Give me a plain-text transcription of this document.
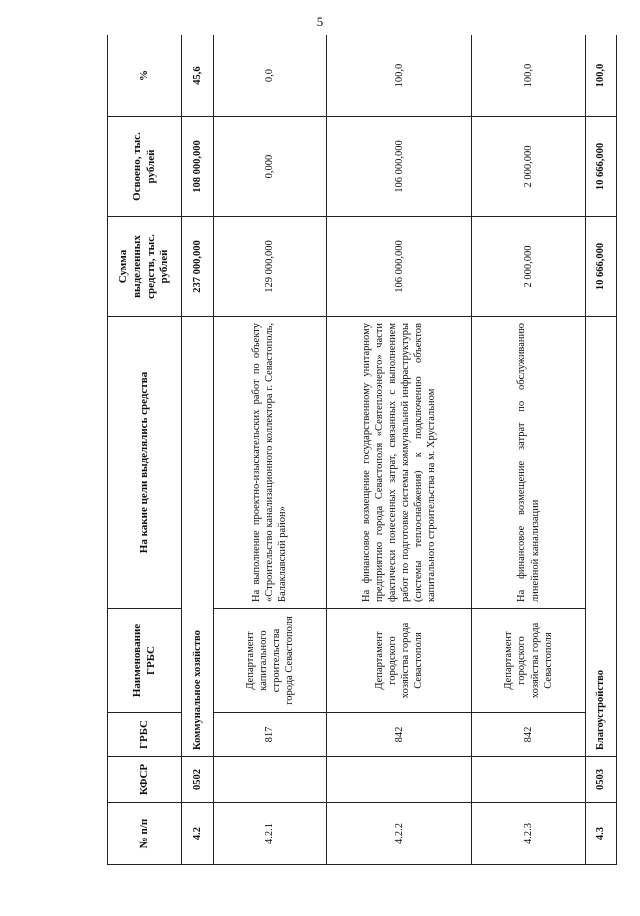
5
№ п/п	КФСР	ГРБС	Наименование ГРБС	На какие цели выделялись средства	Сумма выделенных средств, тыс. рублей	Освоено, тыс. рублей	%
4.2	0502	Коммунальное хозяйство			237 000,000	108 000,000	45,6
4.2.1		817	Департамент капитального строительства города Севастополя	На выполнение проектно-изыскательских работ по объекту «Строительство канализационного коллектора г. Севастополь, Балаклавский район»	129 000,000	0,000	0,0
4.2.2		842	Департамент городского хозяйства города Севастополя	На финансовое возмещение государственному унитарному предприятию города Севастополя «Севтеплоэнерго» части фактически понесенных затрат, связанных с выполнением работ по подготовке системы коммунальной инфраструктуры (системы теплоснабжения) к подключению объектов капитального строительства на м. Хрустальном	106 000,000	106 000,000	100,0
4.2.3		842	Департамент городского хозяйства города Севастополя	На финансовое возмещение затрат по обслуживанию линейной канализации	2 000,000	2 000,000	100,0
4.3	0503	Благоустройство			10 666,000	10 666,000	100,0
